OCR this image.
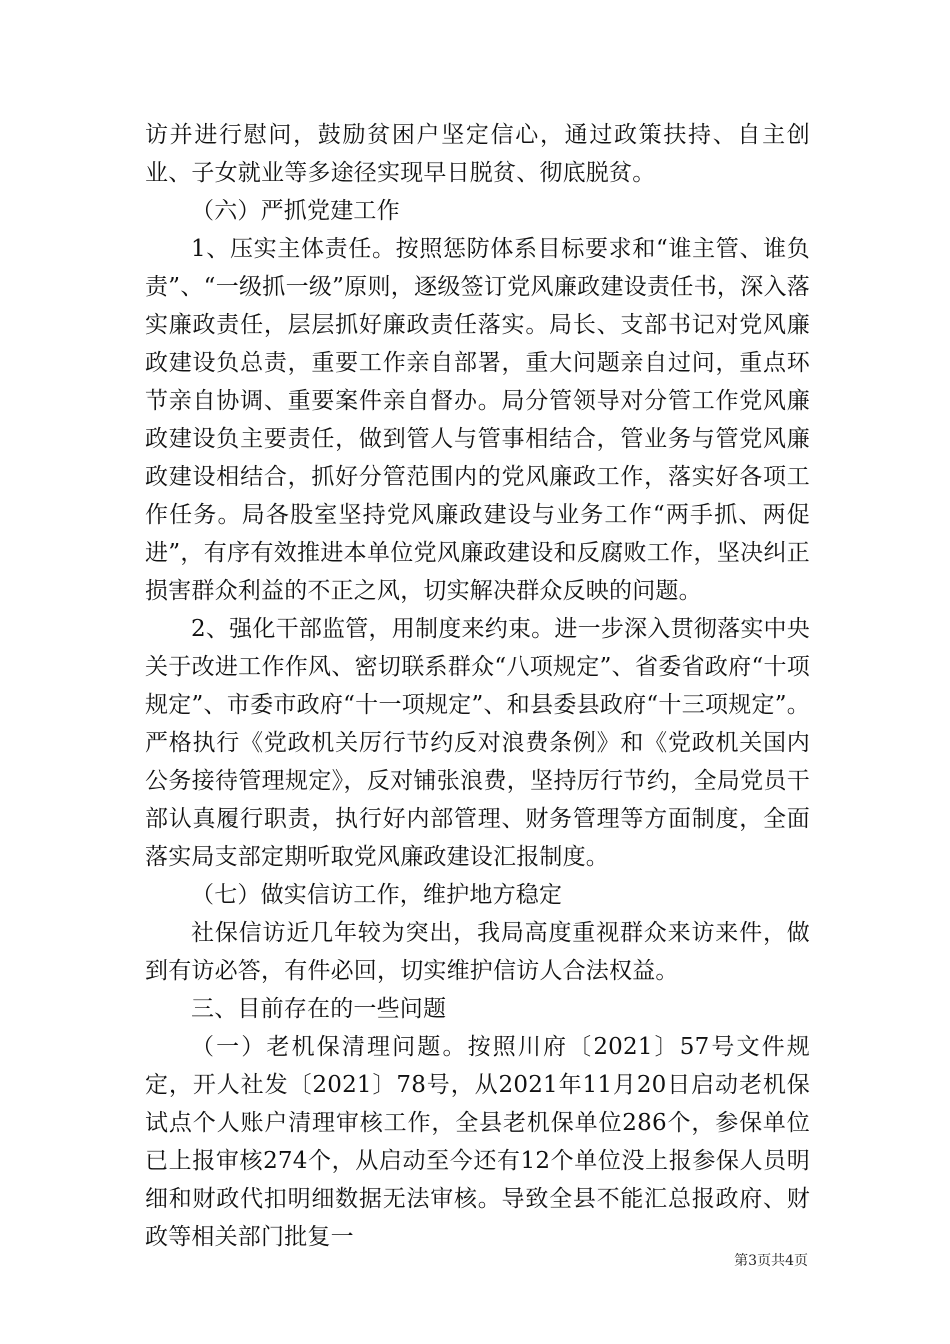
访并进行慰问，鼓励贫困户坚定信心，通过政策扶持、自主创业、子女就业等多途径实现早日脱贫、彻底脱贫。

（六）严抓党建工作

1、压实主体责任。按照惩防体系目标要求和“谁主管、谁负责”、“一级抓一级”原则，逐级签订党风廉政建设责任书，深入落实廉政责任，层层抓好廉政责任落实。局长、支部书记对党风廉政建设负总责，重要工作亲自部署，重大问题亲自过问，重点环节亲自协调、重要案件亲自督办。局分管领导对分管工作党风廉政建设负主要责任，做到管人与管事相结合，管业务与管党风廉政建设相结合，抓好分管范围内的党风廉政工作，落实好各项工作任务。局各股室坚持党风廉政建设与业务工作“两手抓、两促进”，有序有效推进本单位党风廉政建设和反腐败工作，坚决纠正损害群众利益的不正之风，切实解决群众反映的问题。

2、强化干部监管，用制度来约束。进一步深入贯彻落实中央关于改进工作作风、密切联系群众“八项规定”、省委省政府“十项规定”、市委市政府“十一项规定”、和县委县政府“十三项规定”。严格执行《党政机关厉行节约反对浪费条例》和《党政机关国内公务接待管理规定》，反对铺张浪费，坚持厉行节约，全局党员干部认真履行职责，执行好内部管理、财务管理等方面制度，全面落实局支部定期听取党风廉政建设汇报制度。

（七）做实信访工作，维护地方稳定

社保信访近几年较为突出，我局高度重视群众来访来件，做到有访必答，有件必回，切实维护信访人合法权益。

三、目前存在的一些问题

（一）老机保清理问题。按照川府〔2021〕57号文件规定，开人社发〔2021〕78号，从2021年11月20日启动老机保试点个人账户清理审核工作，全县老机保单位286个，参保单位已上报审核274个，从启动至今还有12个单位没上报参保人员明细和财政代扣明细数据无法审核。导致全县不能汇总报政府、财政等相关部门批复一

第3页共4页
